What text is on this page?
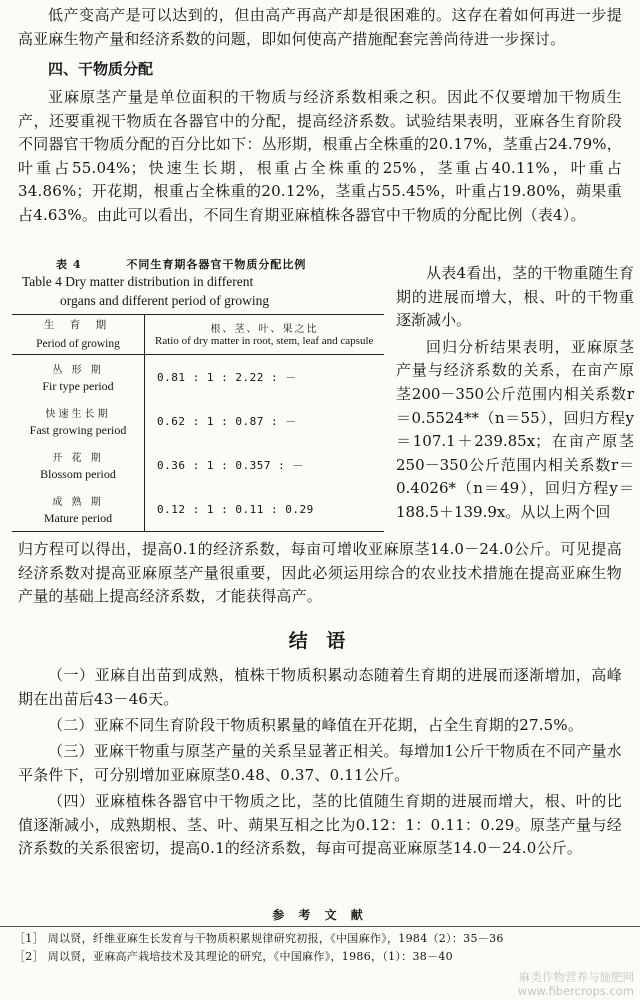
低产变高产是可以达到的，但由高产再高产却是很困难的。这存在着如何再进一步提高亚麻生物产量和经济系数的问题，即如何使高产措施配套完善尚待进一步探讨。

四、干物质分配

亚麻原茎产量是单位面积的干物质与经济系数相乘之积。因此不仅要增加干物质生产，还要重视干物质在各器官中的分配，提高经济系数。试验结果表明，亚麻各生育阶段不同器官干物质分配的百分比如下：丛形期，根重占全株重的20.17%，茎重占24.79%，叶重占55.04%；快速生长期，根重占全株重的25%，茎重占40.11%，叶重占34.86%；开花期，根重占全株重的20.12%，茎重占55.45%，叶重占19.80%，蒴果重占4.63%。由此可以看出，不同生育期亚麻植株各器官中干物质的分配比例（表4）。

表 4	不同生育期各器官干物质分配比例
Table 4 Dry matter distribution in different
organs and different period of growing
生 育 期
Period of growing	根、茎、叶、果之比
Ratio of dry matter in root, stem, leaf and capsule

丛 形 期
Fir type period	0.81 : 1 : 2.22 : －

快速生长期
Fast growing period	0.62 : 1 : 0.87 : －

开 花 期
Blossom period	0.36 : 1 : 0.357 : －

成 熟 期
Mature period	0.12 : 1 : 0.11 : 0.29

从表4看出，茎的干物重随生育期的进展而增大，根、叶的干物重逐渐减小。

回归分析结果表明，亚麻原茎产量与经济系数的关系，在亩产原茎200－350公斤范围内相关系数r＝0.5524**（n＝55），回归方程y＝107.1＋239.85x；在亩产原茎250－350公斤范围内相关系数r＝0.4026*（n＝49），回归方程y＝188.5＋139.9x。从以上两个回

归方程可以得出，提高0.1的经济系数，每亩可增收亚麻原茎14.0－24.0公斤。可见提高经济系数对提高亚麻原茎产量很重要，因此必须运用综合的农业技术措施在提高亚麻生物产量的基础上提高经济系数，才能获得高产。

结 语

（一）亚麻自出苗到成熟，植株干物质积累动态随着生育期的进展而逐渐增加，高峰期在出苗后43－46天。

（二）亚麻不同生育阶段干物质积累量的峰值在开花期，占全生育期的27.5%。

（三）亚麻干物重与原茎产量的关系呈显著正相关。每增加1公斤干物质在不同产量水平条件下，可分别增加亚麻原茎0.48、0.37、0.11公斤。

（四）亚麻植株各器官中干物质之比，茎的比值随生育期的进展而增大，根、叶的比值逐渐减小，成熟期根、茎、叶、蒴果互相之比为0.12：1：0.11：0.29。原茎产量与经济系数的关系很密切，提高0.1的经济系数，每亩可提高亚麻原茎14.0－24.0公斤。

参 考 文 献
［1］ 周以贤，纤维亚麻生长发育与干物质积累规律研究初报，《中国麻作》，1984（2）：35－36
［2］ 周以贤，亚麻高产栽培技术及其理论的研究，《中国麻作》，1986，（1）：38－40
麻类作物营养与施肥网
www.fibercrops.com
